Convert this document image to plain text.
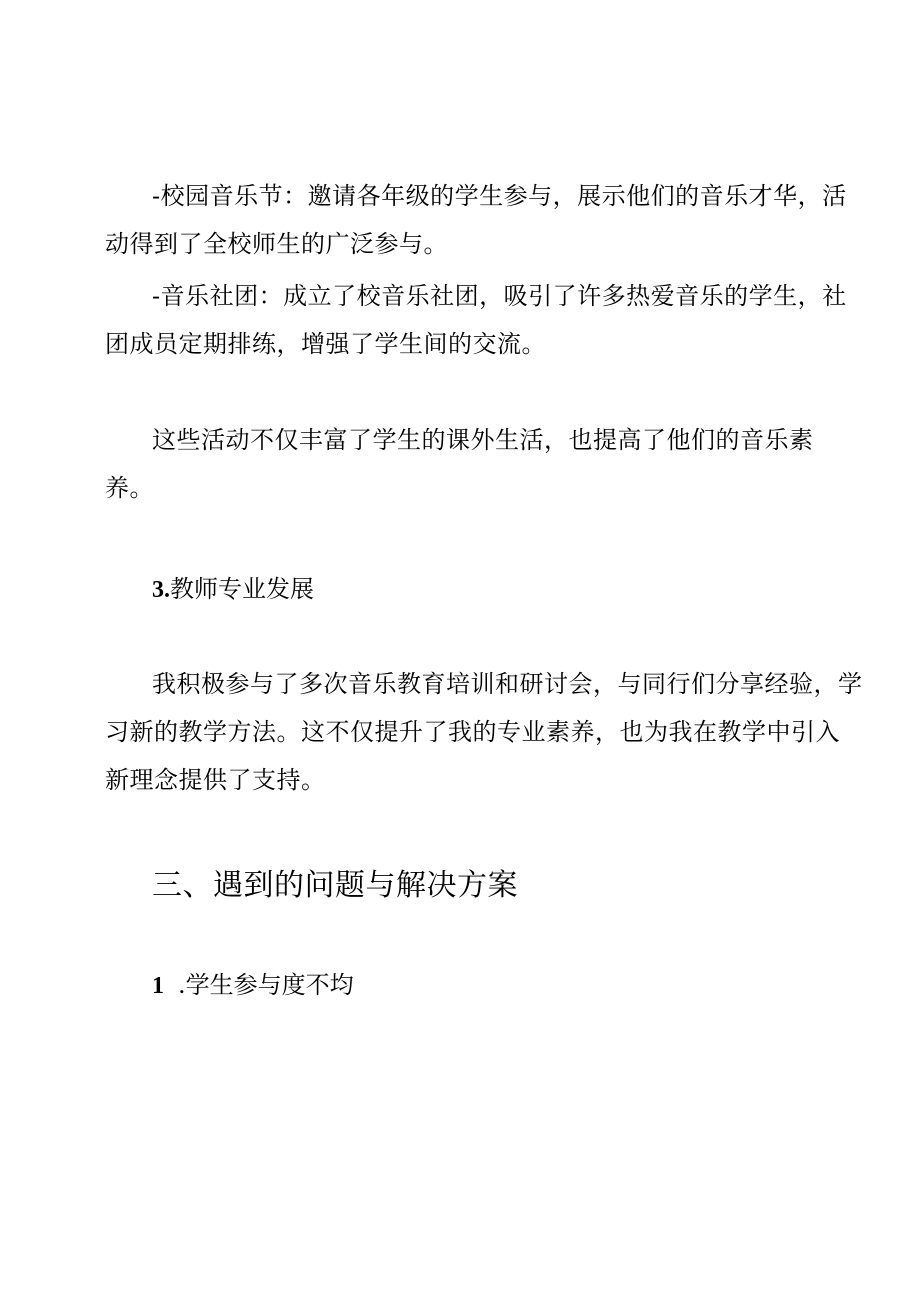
-校园音乐节：邀请各年级的学生参与，展示他们的音乐才华，活
动得到了全校师生的广泛参与。
-音乐社团：成立了校音乐社团，吸引了许多热爱音乐的学生，社
团成员定期排练，增强了学生间的交流。
这些活动不仅丰富了学生的课外生活，也提高了他们的音乐素
养。
3.教师专业发展
我积极参与了多次音乐教育培训和研讨会，与同行们分享经验，学
习新的教学方法。这不仅提升了我的专业素养，也为我在教学中引入
新理念提供了支持。
三、遇到的问题与解决方案
1 .学生参与度不均
